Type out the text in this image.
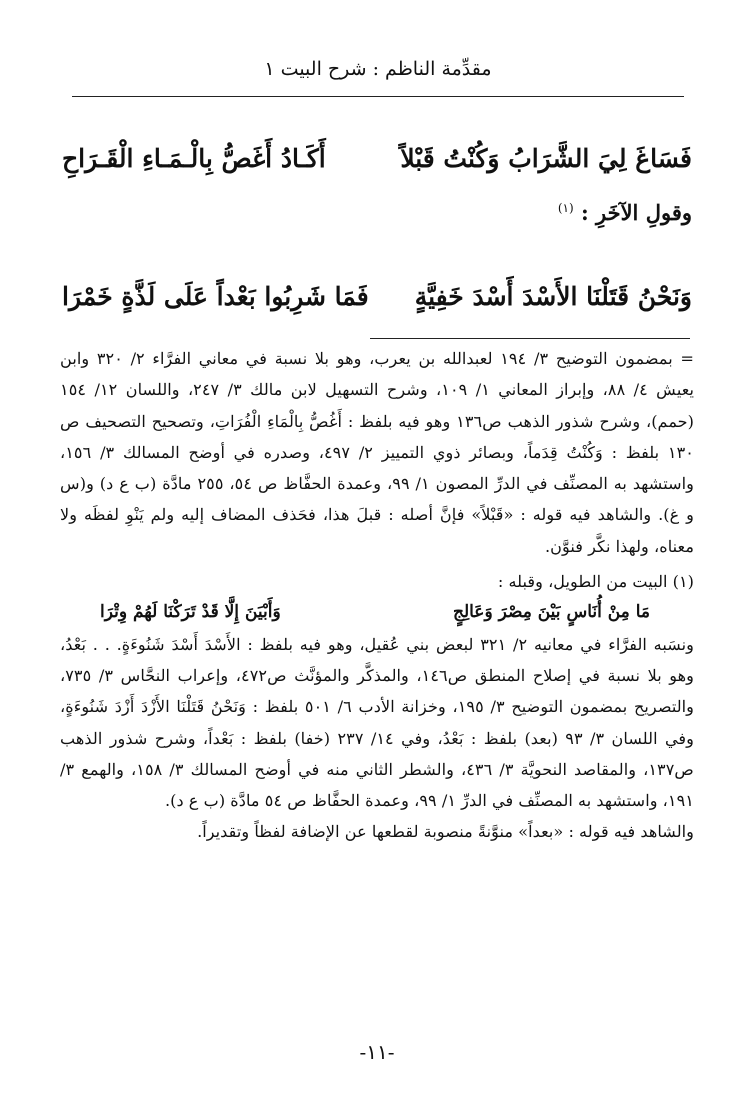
مقدِّمة الناظم : شرح البيت ١
فَسَاغَ لِيَ الشَّرَابُ وَكُنْتُ قَبْلاً
أَكَـادُ أَغَصُّ بِالْـمَـاءِ الْقَـرَاحِ
وقولِ الآخَرِ : $^{(١)}$
وَنَحْنُ قَتَلْنَا الأَسْدَ أَسْدَ خَفِيَّةٍ
فَمَا شَرِبُوا بَعْداً عَلَى لَذَّةٍ خَمْرَا

= بمضمون التوضيح ٣/ ١٩٤ لعبدالله بن يعرب، وهو بلا نسبة في معاني الفرَّاء ٢/ ٣٢٠ وابن يعيش ٤/ ٨٨، وإبراز المعاني ١/ ١٠٩، وشرح التسهيل لابن مالك ٣/ ٢٤٧، واللسان ١٢/ ١٥٤ (حمم)، وشرح شذور الذهب ص١٣٦ وهو فيه بلفظ : أَغُصُّ بِالْمَاءِ الْفُرَاتِ، وتصحيح التصحيف ص ١٣٠ بلفظ : وَكُنْتُ قِدَماً، وبصائر ذوي التمييز ٢/ ٤٩٧، وصدره في أوضح المسالك ٣/ ١٥٦، واستشهد به المصنِّف في الدرِّ المصون ١/ ٩٩، وعمدة الحفَّاظ ص ٥٤، ٢٥٥ مادَّة (ب ع د) و(س و غ). والشاهد فيه قوله : «قَبْلاً» فإنَّ أصله : قبلَ هذا، فحَذف المضاف إليه ولم يَنْوِ لفظَه ولا معناه، ولهذا نكَّر فنوَّن.

(١) البيت من الطويل، وقبله :

مَا مِنْ أُنَاسٍ بَيْنَ مِصْرَ وَعَالِجٍ
وَأَبْيَنَ إِلَّا قَدْ تَرَكْنَا لَهُمْ وِتْرَا

ونسَبه الفرَّاء في معانيه ٢/ ٣٢١ لبعض بني عُقيل، وهو فيه بلفظ : الأَسْدَ أَسْدَ شَنُوءَةٍ. . . بَعْدُ، وهو بلا نسبة في إصلاح المنطق ص١٤٦، والمذكَّر والمؤنَّث ص٤٧٢، وإعراب النحَّاس ٣/ ٧٣٥، والتصريح بمضمون التوضيح ٣/ ١٩٥، وخزانة الأدب ٦/ ٥٠١ بلفظ : وَنَحْنُ قَتَلْنَا الأَزْدَ أَزْدَ شَنُوءَةٍ، وفي اللسان ٣/ ٩٣ (بعد) بلفظ : بَعْدُ، وفي ١٤/ ٢٣٧ (خفا) بلفظ : بَعْداً، وشرح شذور الذهب ص١٣٧، والمقاصد النحويَّة ٣/ ٤٣٦، والشطر الثاني منه في أوضح المسالك ٣/ ١٥٨، والهمع ٣/ ١٩١، واستشهد به المصنِّف في الدرِّ ١/ ٩٩، وعمدة الحفَّاظ ص ٥٤ مادَّة (ب ع د).

والشاهد فيه قوله : «بعداً» منوَّنةً منصوبة لقطعها عن الإضافة لفظاً وتقديراً.

-١١-
